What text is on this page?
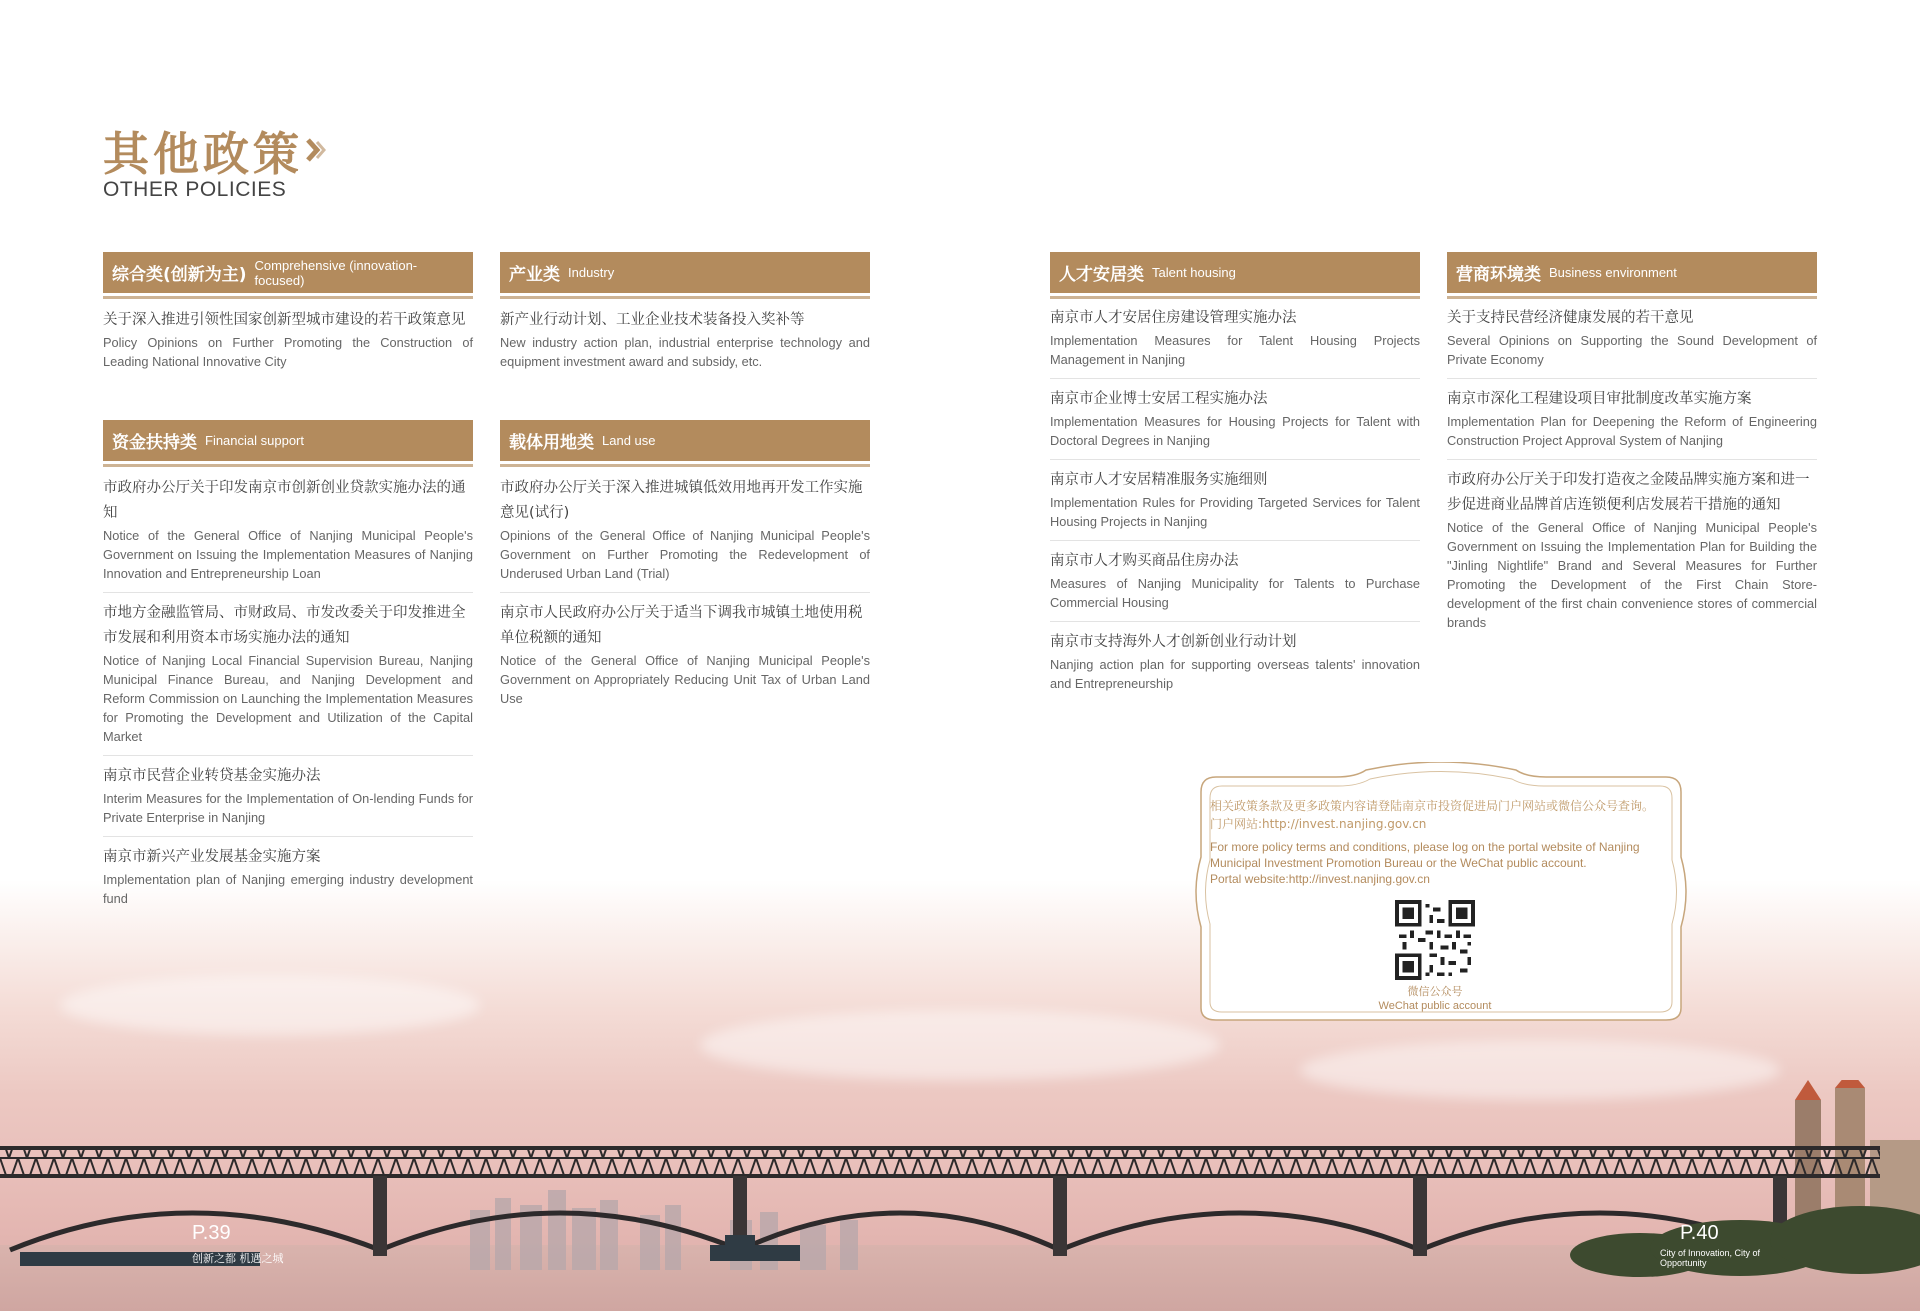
其他政策
OTHER POLICIES
综合类(创新为主) Comprehensive (innovation-focused)
关于深入推进引领性国家创新型城市建设的若干政策意见
Policy Opinions on Further Promoting the Construction of Leading National Innovative City
资金扶持类 Financial support
市政府办公厅关于印发南京市创新创业贷款实施办法的通知
Notice of the General Office of Nanjing Municipal People's Government on Issuing the Implementation Measures of Nanjing Innovation and Entrepreneurship Loan
市地方金融监管局、市财政局、市发改委关于印发推进全市发展和利用资本市场实施办法的通知
Notice of Nanjing Local Financial Supervision Bureau, Nanjing Municipal Finance Bureau, and Nanjing Development and Reform Commission on Launching the Implementation Measures for Promoting the Development and Utilization of the Capital Market
南京市民营企业转贷基金实施办法
Interim Measures for the Implementation of On-lending Funds for Private Enterprise in Nanjing
南京市新兴产业发展基金实施方案
Implementation plan of Nanjing emerging industry development fund
产业类 Industry
新产业行动计划、工业企业技术装备投入奖补等
New industry action plan, industrial enterprise technology and equipment investment award and subsidy, etc.
载体用地类 Land use
市政府办公厅关于深入推进城镇低效用地再开发工作实施意见(试行)
Opinions of the General Office of Nanjing Municipal People's Government on Further Promoting the Redevelopment of Underused Urban Land (Trial)
南京市人民政府办公厅关于适当下调我市城镇土地使用税单位税额的通知
Notice of the General Office of Nanjing Municipal People's Government on Appropriately Reducing Unit Tax of Urban Land Use
人才安居类 Talent housing
南京市人才安居住房建设管理实施办法
Implementation Measures for Talent Housing Projects Management in Nanjing
南京市企业博士安居工程实施办法
Implementation Measures for Housing Projects for Talent with Doctoral Degrees in Nanjing
南京市人才安居精准服务实施细则
Implementation Rules for Providing Targeted Services for Talent Housing Projects in Nanjing
南京市人才购买商品住房办法
Measures of Nanjing Municipality for Talents to Purchase Commercial Housing
南京市支持海外人才创新创业行动计划
Nanjing action plan for supporting overseas talents' innovation and Entrepreneurship
营商环境类 Business environment
关于支持民营经济健康发展的若干意见
Several Opinions on Supporting the Sound Development of Private Economy
南京市深化工程建设项目审批制度改革实施方案
Implementation Plan for Deepening the Reform of Engineering Construction Project Approval System of Nanjing
市政府办公厅关于印发打造夜之金陵品牌实施方案和进一步促进商业品牌首店连锁便利店发展若干措施的通知
Notice of the General Office of Nanjing Municipal People's Government on Issuing the Implementation Plan for Building the "Jinling Nightlife" Brand and Several Measures for Further Promoting the Development of the First Chain Store-development of the first chain convenience stores of commercial brands
相关政策条款及更多政策内容请登陆南京市投资促进局门户网站或微信公众号查询。
门户网站:http://invest.nanjing.gov.cn
For more policy terms and conditions, please log on the portal website of Nanjing Municipal Investment Promotion Bureau or the WeChat public account.
Portal website:http://invest.nanjing.gov.cn
微信公众号
WeChat public account
P.39
创新之都 机遇之城
P.40
City of Innovation, City of Opportunity
